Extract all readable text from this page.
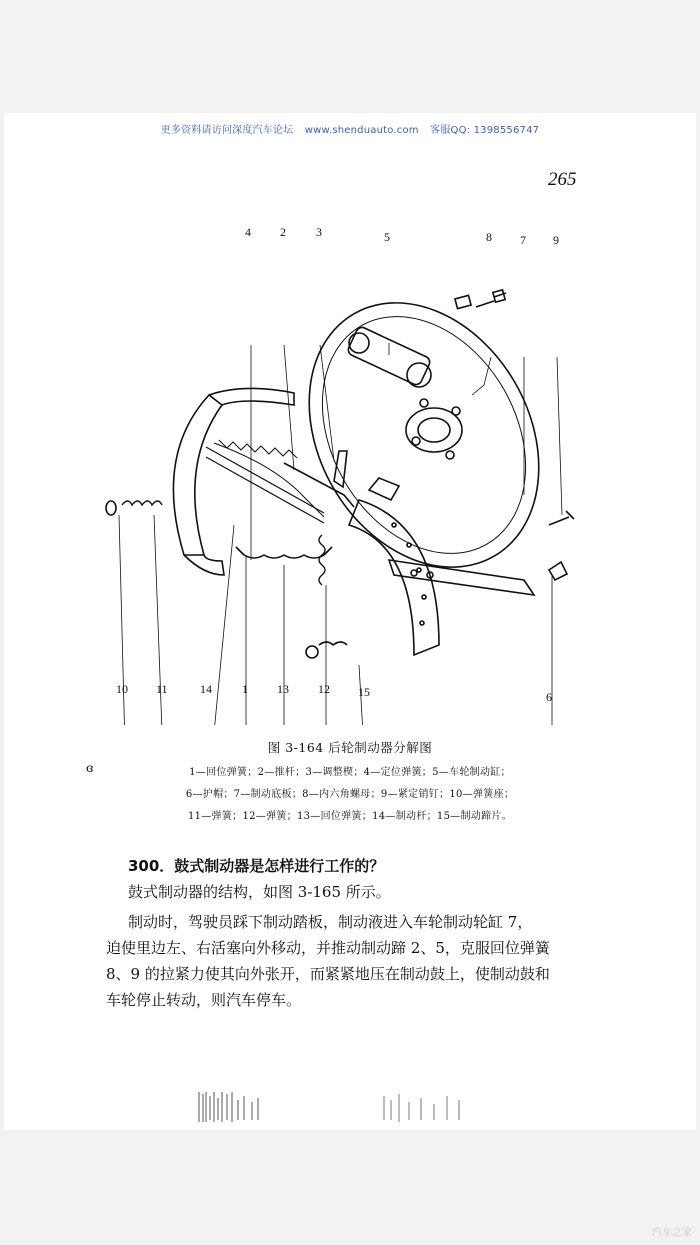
更多资料请访问深度汽车论坛 www.shenduauto.com 客服QQ: 1398556747
265
4 2	3	5	8 7 9
10 11	14	1 13 12 15	6
图 3-164 后轮制动器分解图
ɞ	1—回位弹簧；2—推杆；3—调整楔；4—定位弹簧；5—车轮制动缸；
6—护帽；7—制动底板；8—内六角螺母；9—紧定销钉；10—弹簧座；
11—弹簧；12—弹簧；13—回位弹簧；14—制动杆；15—制动蹄片。
300．鼓式制动器是怎样进行工作的？
鼓式制动器的结构，如图 3-165 所示。
制动时，驾驶员踩下制动踏板，制动液进入车轮制动轮缸 7，
迫使里边左、右活塞向外移动，并推动制动蹄 2、5，克服回位弹簧
8、9 的拉紧力使其向外张开，而紧紧地压在制动鼓上，使制动鼓和
车轮停止转动，则汽车停车。
汽车之家
